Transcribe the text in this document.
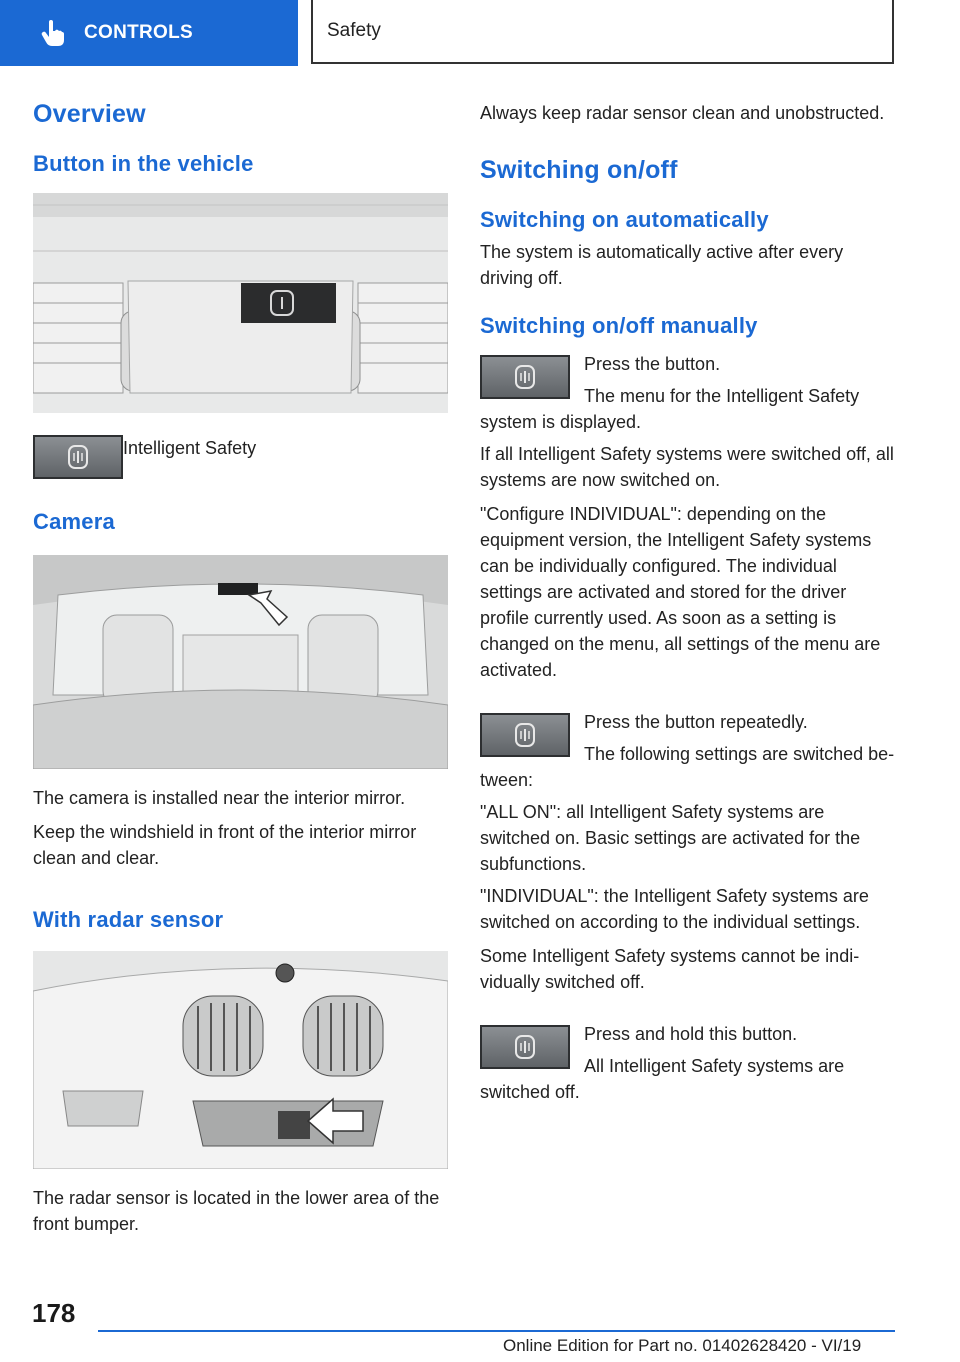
CONTROLS	Safety
Overview
Button in the vehicle

Intelligent Safety

Camera

The camera is installed near the interior mirror.

Keep the windshield in front of the interior mirror clean and clear.

With radar sensor

The radar sensor is located in the lower area of the front bumper.

Always keep radar sensor clean and unobstructed.

Switching on/off
Switching on automatically

The system is automatically active after every driving off.

Switching on/off manually

Press the button.

The menu for the Intelligent Safety system is displayed.

If all Intelligent Safety systems were switched off, all systems are now switched on.

"Configure INDIVIDUAL": depending on the equipment version, the Intelligent Safety systems can be individually configured. The individual settings are activated and stored for the driver profile currently used. As soon as a setting is changed on the menu, all settings of the menu are activated.

Press the button repeatedly.

The following settings are switched between:

"ALL ON": all Intelligent Safety systems are switched on. Basic settings are activated for the subfunctions.

"INDIVIDUAL": the Intelligent Safety systems are switched on according to the individual settings.

Some Intelligent Safety systems cannot be individually switched off.

Press and hold this button.

All Intelligent Safety systems are switched off.

178
Online Edition for Part no. 01402628420 - VI/19
